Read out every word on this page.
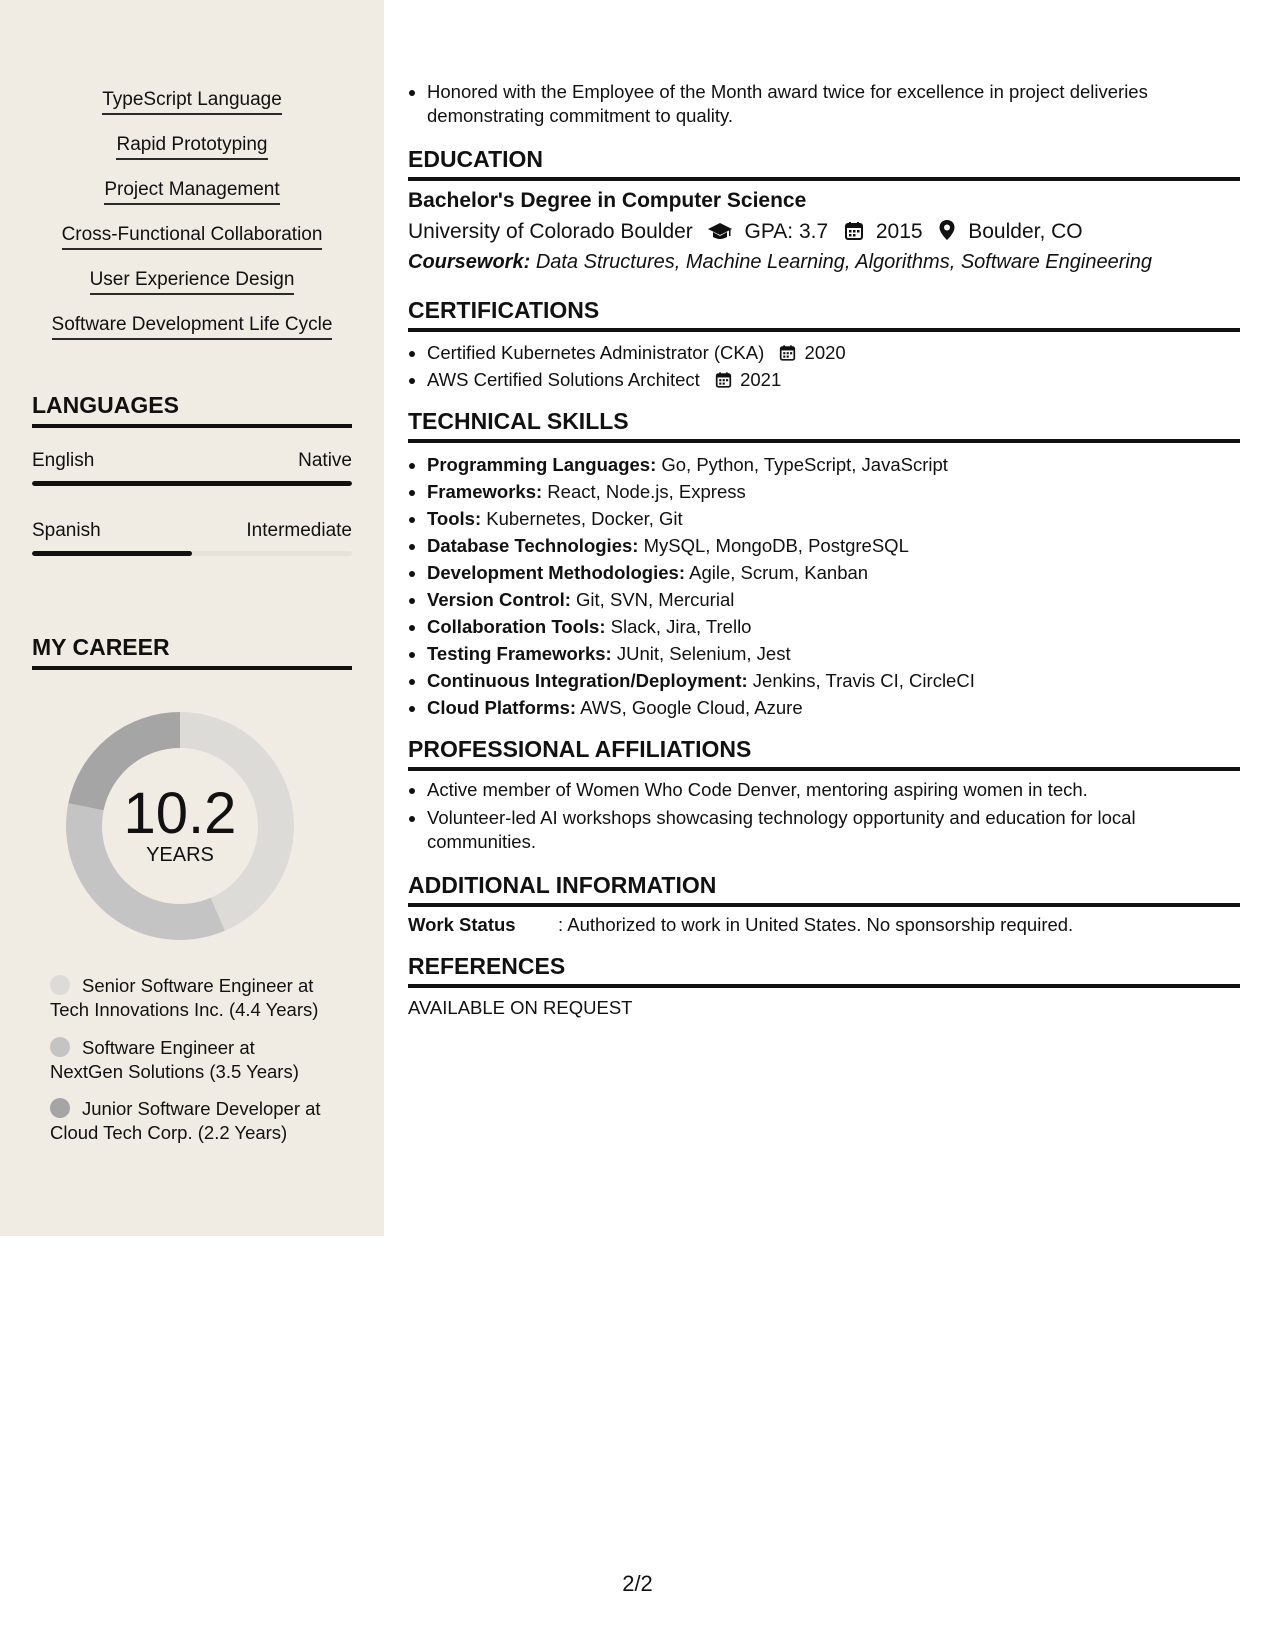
TypeScript Language
Rapid Prototyping
Project Management
Cross-Functional Collaboration
User Experience Design
Software Development Life Cycle
LANGUAGES
English	Native
Spanish	Intermediate
MY CAREER
10.2
YEARS
Senior Software Engineer at
Tech Innovations Inc. (4.4 Years)
Software Engineer at
NextGen Solutions (3.5 Years)
Junior Software Developer at
Cloud Tech Corp. (2.2 Years)
• Honored with the Employee of the Month award twice for excellence in project deliveries demonstrating commitment to quality.
EDUCATION
Bachelor's Degree in Computer Science
University of Colorado Boulder GPA: 3.7 2015 Boulder, CO
Coursework: Data Structures, Machine Learning, Algorithms, Software Engineering
CERTIFICATIONS
• Certified Kubernetes Administrator (CKA) 2020
• AWS Certified Solutions Architect 2021
TECHNICAL SKILLS
• Programming Languages: Go, Python, TypeScript, JavaScript
• Frameworks: React, Node.js, Express
• Tools: Kubernetes, Docker, Git
• Database Technologies: MySQL, MongoDB, PostgreSQL
• Development Methodologies: Agile, Scrum, Kanban
• Version Control: Git, SVN, Mercurial
• Collaboration Tools: Slack, Jira, Trello
• Testing Frameworks: JUnit, Selenium, Jest
• Continuous Integration/Deployment: Jenkins, Travis CI, CircleCI
• Cloud Platforms: AWS, Google Cloud, Azure
PROFESSIONAL AFFILIATIONS
• Active member of Women Who Code Denver, mentoring aspiring women in tech.
• Volunteer-led AI workshops showcasing technology opportunity and education for local communities.
ADDITIONAL INFORMATION
Work Status : Authorized to work in United States. No sponsorship required.
REFERENCES
AVAILABLE ON REQUEST
2/2
